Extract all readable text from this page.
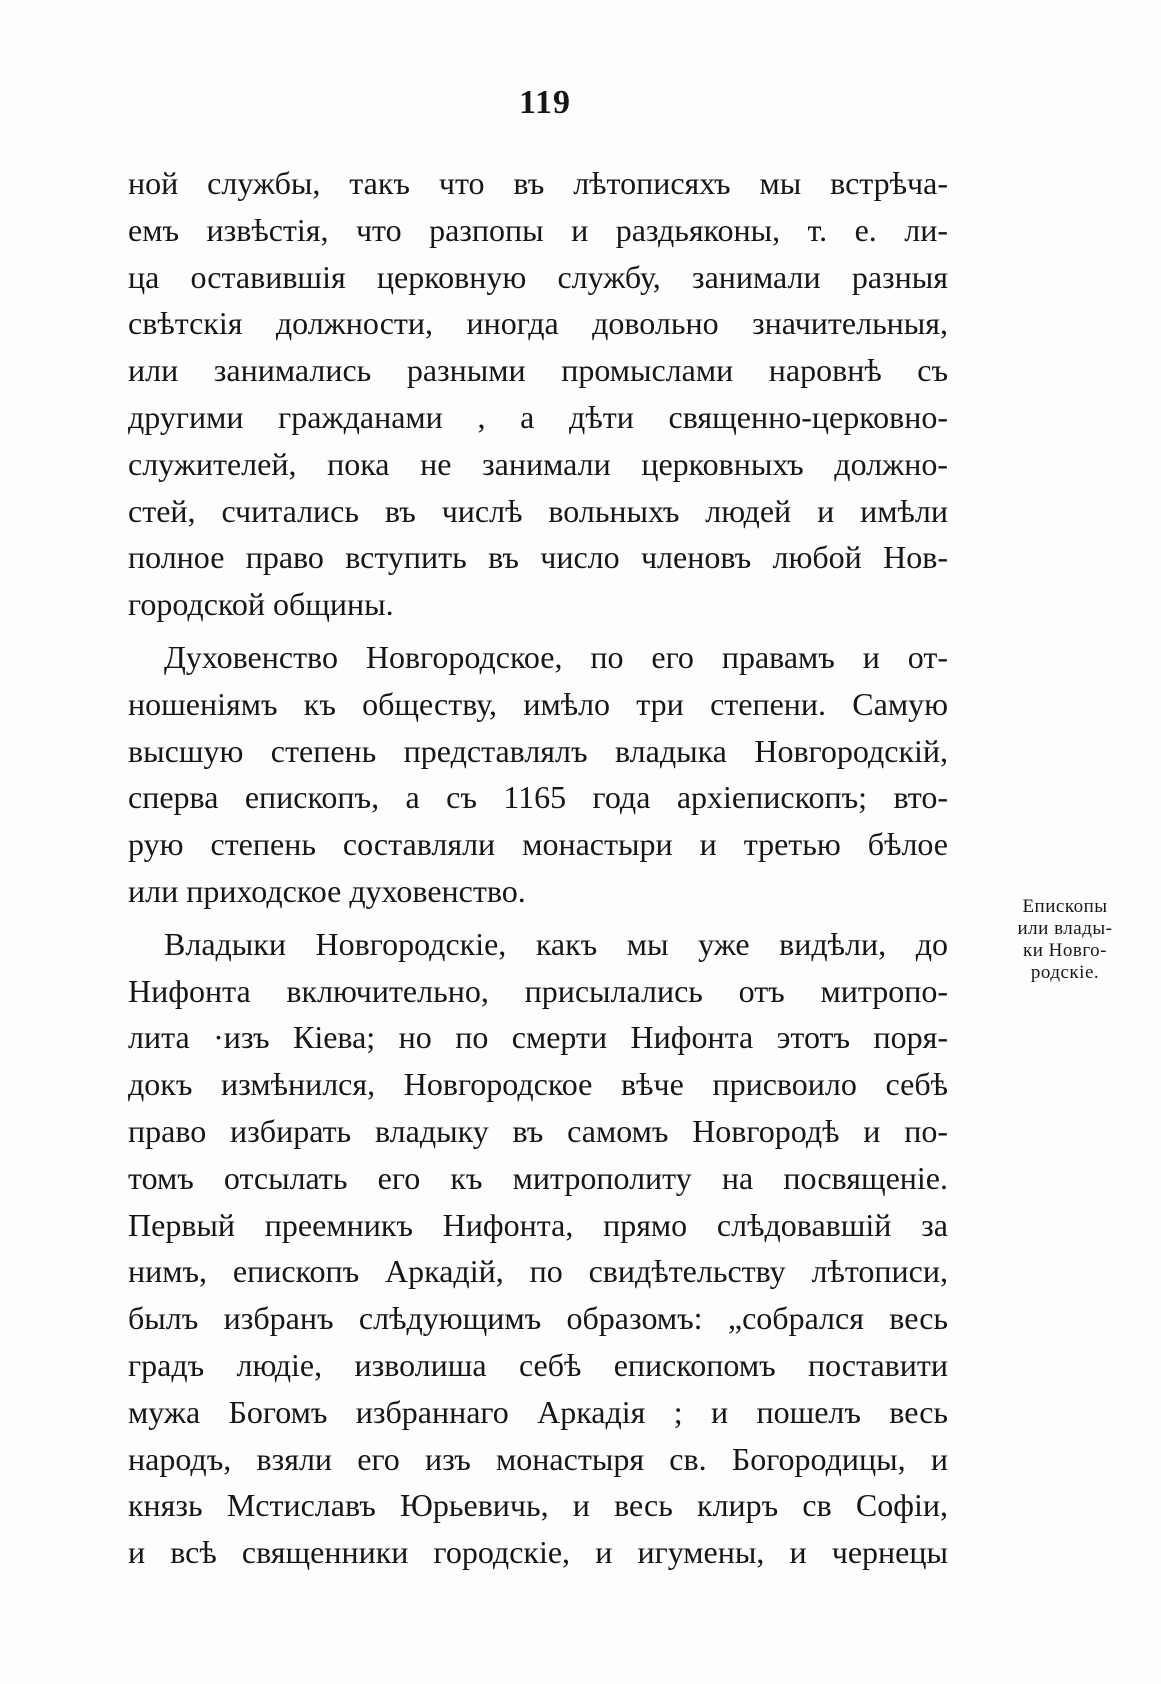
119
ной службы, такъ что въ лѣтописяхъ мы встрѣча-
емъ извѣстія, что разпопы и раздьяконы, т. е. ли-
ца оставившія церковную службу, занимали разныя
свѣтскія должности, иногда довольно значительныя,
или занимались разными промыслами наровнѣ съ
другими гражданами , а дѣти священно-церковно-
служителей, пока не занимали церковныхъ должно-
стей, считались въ числѣ вольныхъ людей и имѣли
полное право вступить въ число членовъ любой Нов-
городской общины.
Духовенство Новгородское, по его правамъ и от-
ношеніямъ къ обществу, имѣло три степени. Самую
высшую степень представлялъ владыка Новгородскій,
сперва епископъ, а съ 1165 года архіепископъ; вто-
рую степень составляли монастыри и третью бѣлое
или приходское духовенство.
Владыки Новгородскіе, какъ мы уже видѣли, до
Нифонта включительно, присылались отъ митропо-
лита ·изъ Кіева; но по смерти Нифонта этотъ поря-
докъ измѣнился, Новгородское вѣче присвоило себѣ
право избирать владыку въ самомъ Новгородѣ и по-
томъ отсылать его къ митрополиту на посвященіе.
Первый преемникъ Нифонта, прямо слѣдовавшій за
нимъ, епископъ Аркадій, по свидѣтельству лѣтописи,
былъ избранъ слѣдующимъ образомъ: „собрался весь
градъ людіе, изволиша себѣ епископомъ поставити
мужа Богомъ избраннаго Аркадія ; и пошелъ весь
народъ, взяли его изъ монастыря св. Богородицы, и
князь Мстиславъ Юрьевичь, и весь клиръ св Софіи,
и всѣ священники городскіе, и игумены, и чернецы
Епископы
или влады-
ки Новго-
родскіе.
